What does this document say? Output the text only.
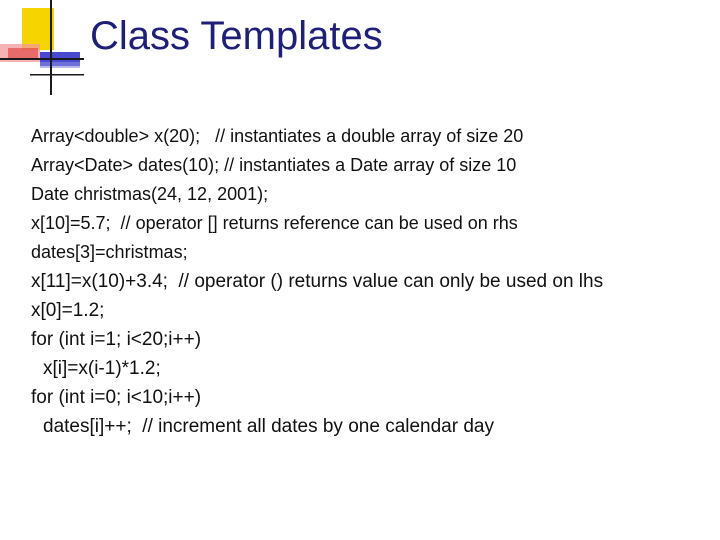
Class Templates
Array<double> x(20);   // instantiates a double array of size 20
Array<Date> dates(10); // instantiates a Date array of size 10
Date christmas(24, 12, 2001);
x[10]=5.7;  // operator [] returns reference can be used on rhs
dates[3]=christmas;
x[11]=x(10)+3.4;  // operator () returns value can only be used on lhs
x[0]=1.2;
for (int i=1; i<20;i++)
x[i]=x(i-1)*1.2;
for (int i=0; i<10;i++)
dates[i]++;  // increment all dates by one calendar day
